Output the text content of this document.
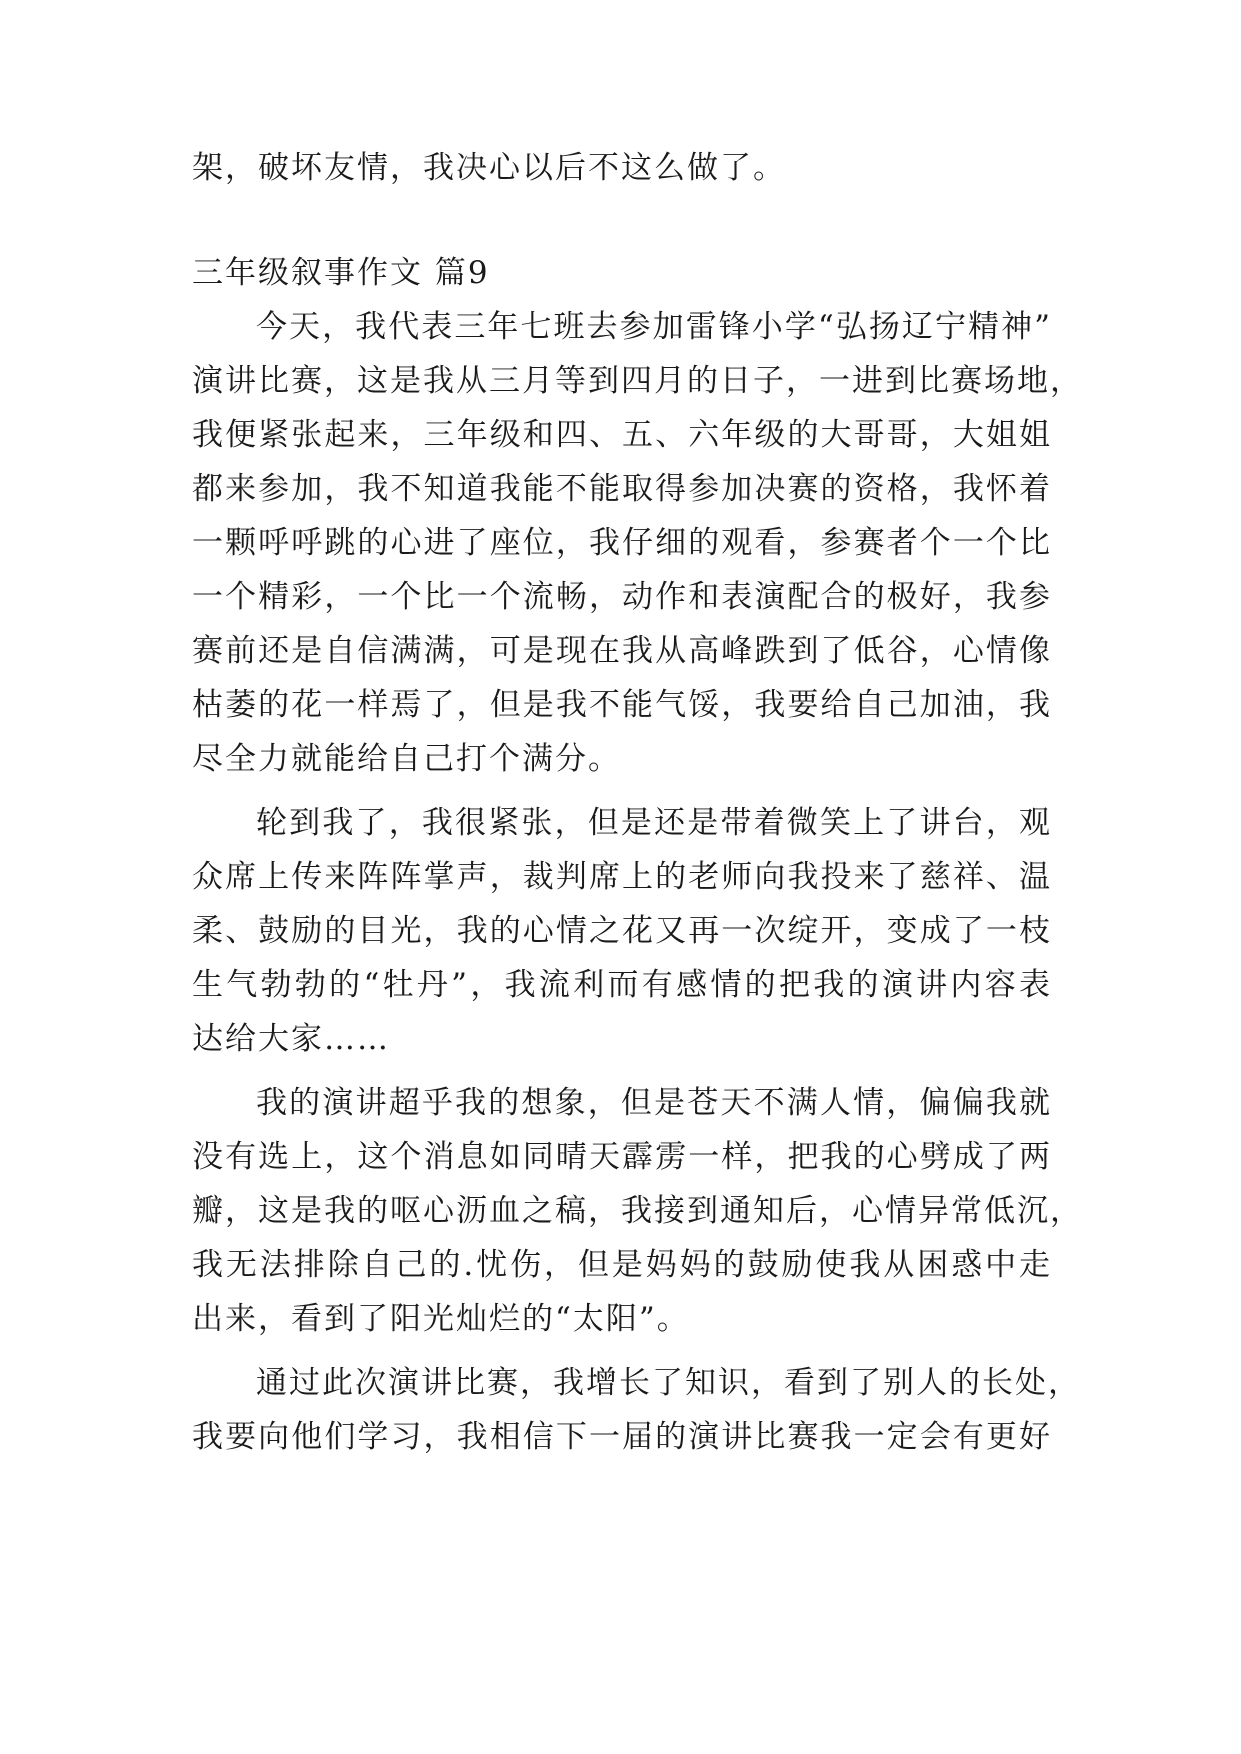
架，破坏友情，我决心以后不这么做了。
三年级叙事作文 篇9
今天，我代表三年七班去参加雷锋小学“弘扬辽宁精神”
演讲比赛，这是我从三月等到四月的日子，一进到比赛场地，
我便紧张起来，三年级和四、五、六年级的大哥哥，大姐姐
都来参加，我不知道我能不能取得参加决赛的资格，我怀着
一颗呼呼跳的心进了座位，我仔细的观看，参赛者个一个比
一个精彩，一个比一个流畅，动作和表演配合的极好，我参
赛前还是自信满满，可是现在我从高峰跌到了低谷，心情像
枯萎的花一样焉了，但是我不能气馁，我要给自己加油，我
尽全力就能给自己打个满分。
轮到我了，我很紧张，但是还是带着微笑上了讲台，观
众席上传来阵阵掌声，裁判席上的老师向我投来了慈祥、温
柔、鼓励的目光，我的心情之花又再一次绽开，变成了一枝
生气勃勃的“牡丹”，我流利而有感情的把我的演讲内容表
达给大家……
我的演讲超乎我的想象，但是苍天不满人情，偏偏我就
没有选上，这个消息如同晴天霹雳一样，把我的心劈成了两
瓣，这是我的呕心沥血之稿，我接到通知后，心情异常低沉，
我无法排除自己的.忧伤，但是妈妈的鼓励使我从困惑中走
出来，看到了阳光灿烂的“太阳”。
通过此次演讲比赛，我增长了知识，看到了别人的长处，
我要向他们学习，我相信下一届的演讲比赛我一定会有更好
